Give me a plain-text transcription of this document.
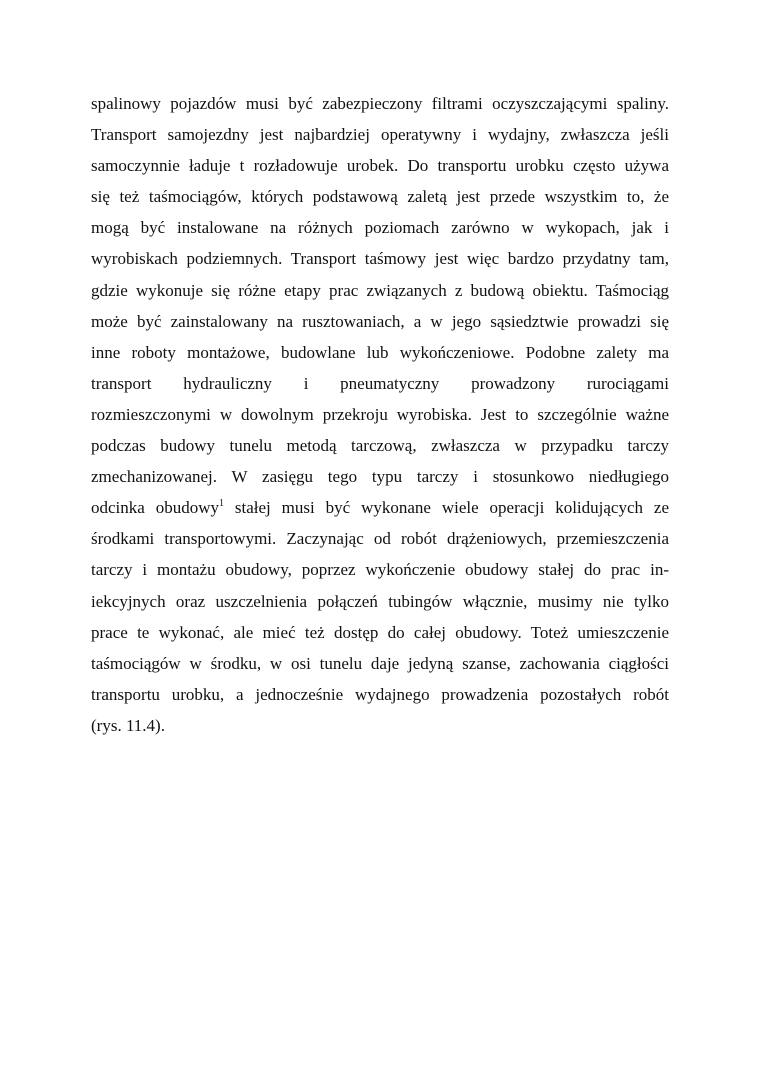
spalinowy pojazdów musi być zabezpieczony filtrami oczyszczającymi spaliny.
Transport samojezdny jest najbardziej operatywny i wydajny, zwłaszcza jeśli
samoczynnie ładuje t rozładowuje urobek. Do transportu urobku często używa
się też taśmociągów, których podstawową zaletą jest przede wszystkim to, że
mogą być instalowane na różnych poziomach zarówno w wykopach, jak i
wyrobiskach podziemnych. Transport taśmowy jest więc bardzo przydatny tam,
gdzie wykonuje się różne etapy prac związanych z budową obiektu. Taśmociąg
może być zainstalowany na rusztowaniach, a w jego sąsiedztwie prowadzi się
inne roboty montażowe, budowlane lub wykończeniowe. Podobne zalety ma
transport hydrauliczny i pneumatyczny prowadzony rurociągami
rozmieszczonymi w dowolnym przekroju wyrobiska. Jest to szczególnie ważne
podczas budowy tunelu metodą tarczową, zwłaszcza w przypadku tarczy
zmechanizowanej. W zasięgu tego typu tarczy i stosunkowo niedługiego
odcinka obudowy$^1$ stałej musi być wykonane wiele operacji kolidujących ze
środkami transportowymi. Zaczynając od robót drążeniowych, przemieszczenia
tarczy i montażu obudowy, poprzez wykończenie obudowy stałej do prac in-
iekcyjnych oraz uszczelnienia połączeń tubingów włącznie, musimy nie tylko
prace te wykonać, ale mieć też dostęp do całej obudowy. Toteż umieszczenie
taśmociągów w środku, w osi tunelu daje jedyną szanse, zachowania ciągłości
transportu urobku, a jednocześnie wydajnego prowadzenia pozostałych robót
(rys. 11.4).
